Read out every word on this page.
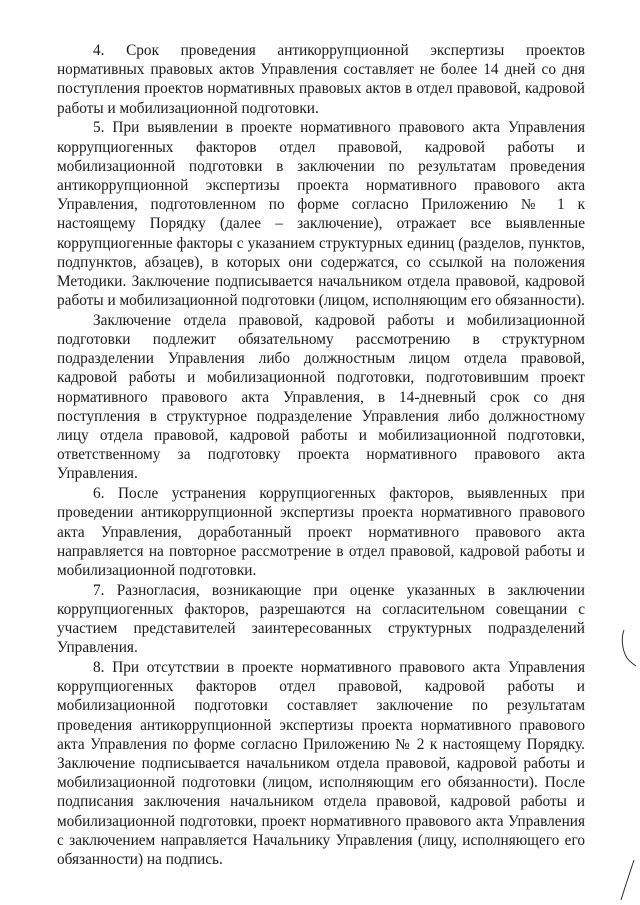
4. Срок проведения антикоррупционной экспертизы проектов нормативных правовых актов Управления составляет не более 14 дней со дня поступления проектов нормативных правовых актов в отдел правовой, кадровой работы и мобилизационной подготовки.

5. При выявлении в проекте нормативного правового акта Управления коррупциогенных факторов отдел правовой, кадровой работы и мобилизационной подготовки в заключении по результатам проведения антикоррупционной экспертизы проекта нормативного правового акта Управления, подготовленном по форме согласно Приложению № 1 к настоящему Порядку (далее – заключение), отражает все выявленные коррупциогенные факторы с указанием структурных единиц (разделов, пунктов, подпунктов, абзацев), в которых они содержатся, со ссылкой на положения Методики. Заключение подписывается начальником отдела правовой, кадровой работы и мобилизационной подготовки (лицом, исполняющим его обязанности).

Заключение отдела правовой, кадровой работы и мобилизационной подготовки подлежит обязательному рассмотрению в структурном подразделении Управления либо должностным лицом отдела правовой, кадровой работы и мобилизационной подготовки, подготовившим проект нормативного правового акта Управления, в 14-дневный срок со дня поступления в структурное подразделение Управления либо должностному лицу отдела правовой, кадровой работы и мобилизационной подготовки, ответственному за подготовку проекта нормативного правового акта Управления.

6. После устранения коррупциогенных факторов, выявленных при проведении антикоррупционной экспертизы проекта нормативного правового акта Управления, доработанный проект нормативного правового акта направляется на повторное рассмотрение в отдел правовой, кадровой работы и мобилизационной подготовки.

7. Разногласия, возникающие при оценке указанных в заключении коррупциогенных факторов, разрешаются на согласительном совещании с участием представителей заинтересованных структурных подразделений Управления.

8. При отсутствии в проекте нормативного правового акта Управления коррупциогенных факторов отдел правовой, кадровой работы и мобилизационной подготовки составляет заключение по результатам проведения антикоррупционной экспертизы проекта нормативного правового акта Управления по форме согласно Приложению № 2 к настоящему Порядку. Заключение подписывается начальником отдела правовой, кадровой работы и мобилизационной подготовки (лицом, исполняющим его обязанности). После подписания заключения начальником отдела правовой, кадровой работы и мобилизационной подготовки, проект нормативного правового акта Управления с заключением направляется Начальнику Управления (лицу, исполняющего его обязанности) на подпись.
